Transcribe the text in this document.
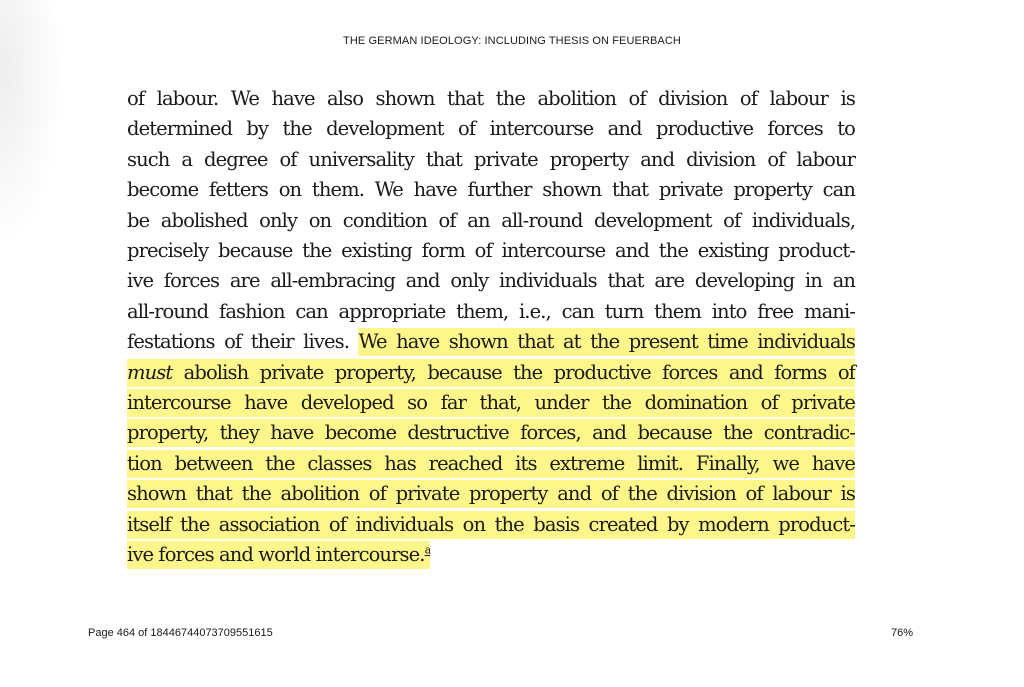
THE GERMAN IDEOLOGY: INCLUDING THESIS ON FEUERBACH
of labour. We have also shown that the abolition of division of labour is
determined by the development of intercourse and productive forces to
such a degree of universality that private property and division of labour
become fetters on them. We have further shown that private property can
be abolished only on condition of an all-round development of individuals,
precisely because the existing form of intercourse and the existing product-
ive forces are all-embracing and only individuals that are developing in an
all-round fashion can appropriate them, i.e., can turn them into free mani-
festations of their lives. We have shown that at the present time individuals
must abolish private property, because the productive forces and forms of
intercourse have developed so far that, under the domination of private
property, they have become destructive forces, and because the contradic-
tion between the classes has reached its extreme limit. Finally, we have
shown that the abolition of private property and of the division of labour is
itself the association of individuals on the basis created by modern product-
ive forces and world intercourse.$^a$
Page 464 of 18446744073709551615	76%
